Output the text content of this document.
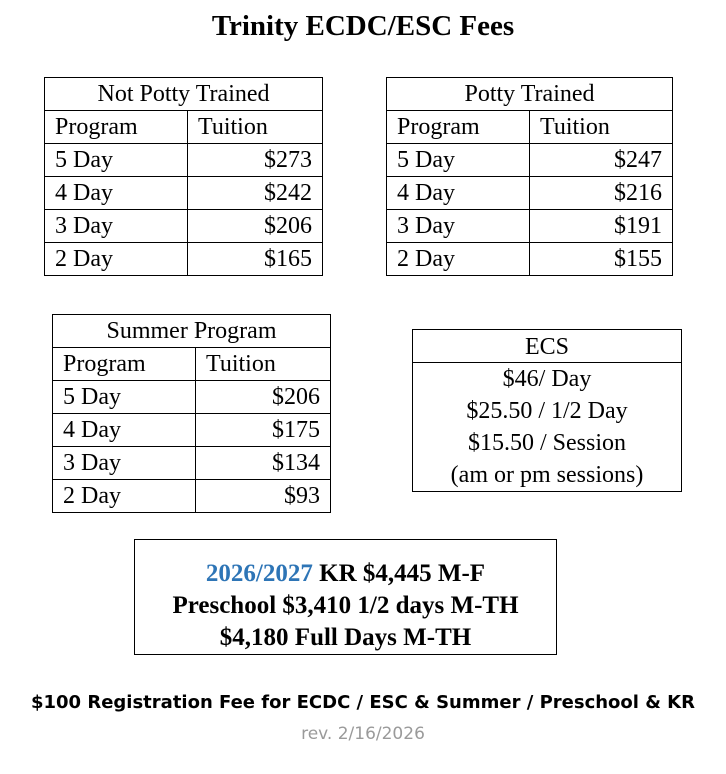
Trinity ECDC/ESC Fees
Not Potty Trained	
Program	Tuition
5 Day	$273
4 Day	$242
3 Day	$206
2 Day	$165
Potty Trained	
Program	Tuition
5 Day	$247
4 Day	$216
3 Day	$191
2 Day	$155
Summer Program	
Program	Tuition
5 Day	$206
4 Day	$175
3 Day	$134
2 Day	$93
ECS
$46/ Day
$25.50 / 1/2 Day
$15.50 / Session
(am or pm sessions)
2026/2027 KR $4,445 M-F
Preschool $3,410 1/2 days M-TH
$4,180 Full Days M-TH
$100 Registration Fee for ECDC / ESC & Summer / Preschool & KR
rev. 2/16/2026
